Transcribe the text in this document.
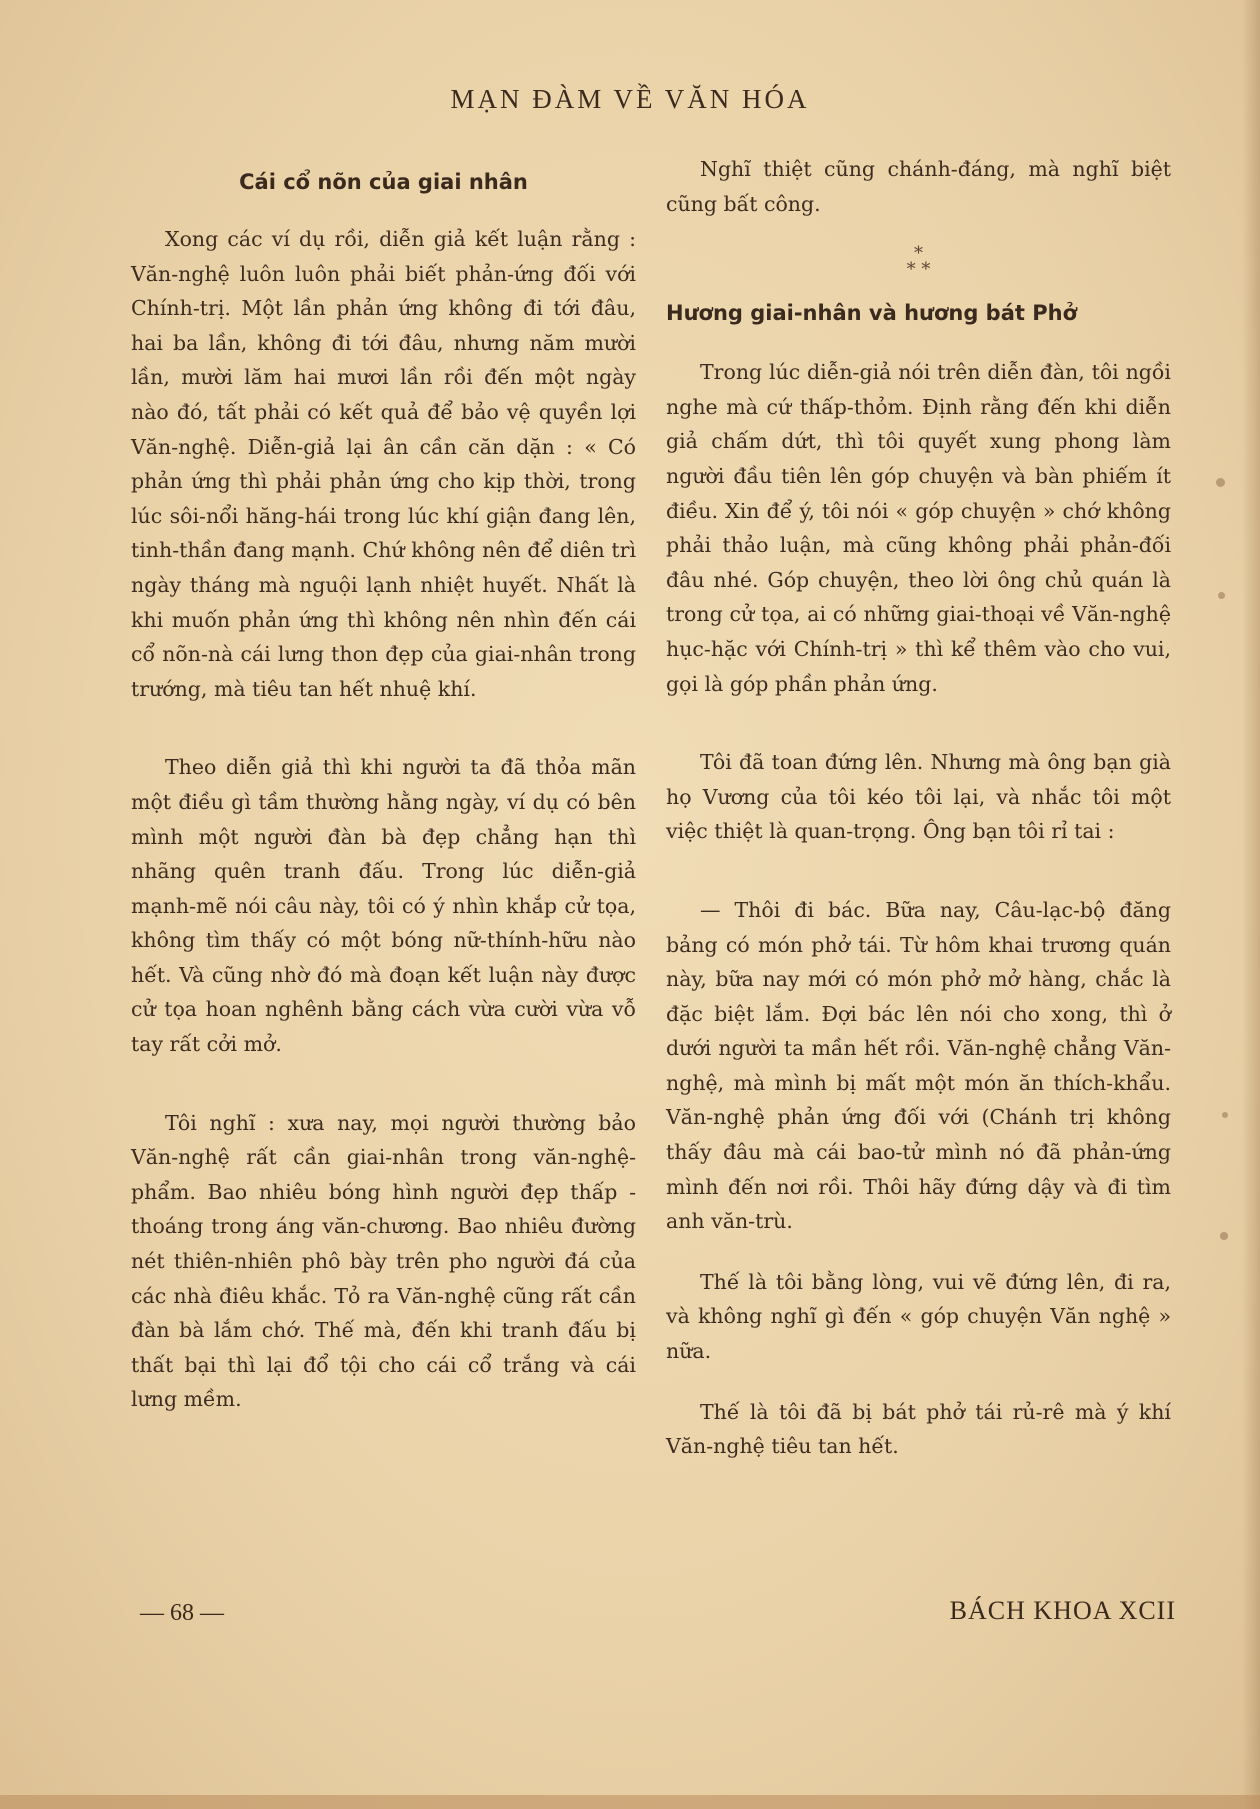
MẠN ĐÀM VỀ VĂN HÓA
Cái cổ nõn của giai nhân

Xong các ví dụ rồi, diễn giả kết luận rằng : Văn-nghệ luôn luôn phải biết phản-ứng đối với Chính-trị. Một lần phản ứng không đi tới đâu, hai ba lần, không đi tới đâu, nhưng năm mười lần, mười lăm hai mươi lần rồi đến một ngày nào đó, tất phải có kết quả để bảo vệ quyền lợi Văn-nghệ. Diễn-giả lại ân cần căn dặn : « Có phản ứng thì phải phản ứng cho kịp thời, trong lúc sôi-nổi hăng-hái trong lúc khí giận đang lên, tinh-thần đang mạnh. Chứ không nên để diên trì ngày tháng mà nguội lạnh nhiệt huyết. Nhất là khi muốn phản ứng thì không nên nhìn đến cái cổ nõn-nà cái lưng thon đẹp của giai-nhân trong trướng, mà tiêu tan hết nhuệ khí.

Theo diễn giả thì khi người ta đã thỏa mãn một điều gì tầm thường hằng ngày, ví dụ có bên mình một người đàn bà đẹp chẳng hạn thì nhãng quên tranh đấu. Trong lúc diễn-giả mạnh-mẽ nói câu này, tôi có ý nhìn khắp cử tọa, không tìm thấy có một bóng nữ-thính-hữu nào hết. Và cũng nhờ đó mà đoạn kết luận này được cử tọa hoan nghênh bằng cách vừa cười vừa vỗ tay rất cởi mở.

Tôi nghĩ : xưa nay, mọi người thường bảo Văn-nghệ rất cần giai-nhân trong văn-nghệ-phẩm. Bao nhiêu bóng hình người đẹp thấp - thoáng trong áng văn-chương. Bao nhiêu đường nét thiên-nhiên phô bày trên pho người đá của các nhà điêu khắc. Tỏ ra Văn-nghệ cũng rất cần đàn bà lắm chớ. Thế mà, đến khi tranh đấu bị thất bại thì lại đổ tội cho cái cổ trắng và cái lưng mềm.

Nghĩ thiệt cũng chánh-đáng, mà nghĩ biệt cũng bất công.

*
* *
Hương giai-nhân và hương bát Phở

Trong lúc diễn-giả nói trên diễn đàn, tôi ngồi nghe mà cứ thấp-thỏm. Định rằng đến khi diễn giả chấm dứt, thì tôi quyết xung phong làm người đầu tiên lên góp chuyện và bàn phiếm ít điều. Xin để ý, tôi nói « góp chuyện » chớ không phải thảo luận, mà cũng không phải phản-đối đâu nhé. Góp chuyện, theo lời ông chủ quán là trong cử tọa, ai có những giai-thoại về Văn-nghệ hục-hặc với Chính-trị » thì kể thêm vào cho vui, gọi là góp phần phản ứng.

Tôi đã toan đứng lên. Nhưng mà ông bạn già họ Vương của tôi kéo tôi lại, và nhắc tôi một việc thiệt là quan-trọng. Ông bạn tôi rỉ tai :

— Thôi đi bác. Bữa nay, Câu-lạc-bộ đăng bảng có món phở tái. Từ hôm khai trương quán này, bữa nay mới có món phở mở hàng, chắc là đặc biệt lắm. Đợi bác lên nói cho xong, thì ở dưới người ta mần hết rồi. Văn-nghệ chẳng Văn-nghệ, mà mình bị mất một món ăn thích-khẩu. Văn-nghệ phản ứng đối với (Chánh trị không thấy đâu mà cái bao-tử mình nó đã phản-ứng mình đến nơi rồi. Thôi hãy đứng dậy và đi tìm anh văn-trù.

Thế là tôi bằng lòng, vui vẽ đứng lên, đi ra, và không nghĩ gì đến « góp chuyện Văn nghệ » nữa.

Thế là tôi đã bị bát phở tái rủ-rê mà ý khí Văn-nghệ tiêu tan hết.

— 68 —	BÁCH KHOA XCII
